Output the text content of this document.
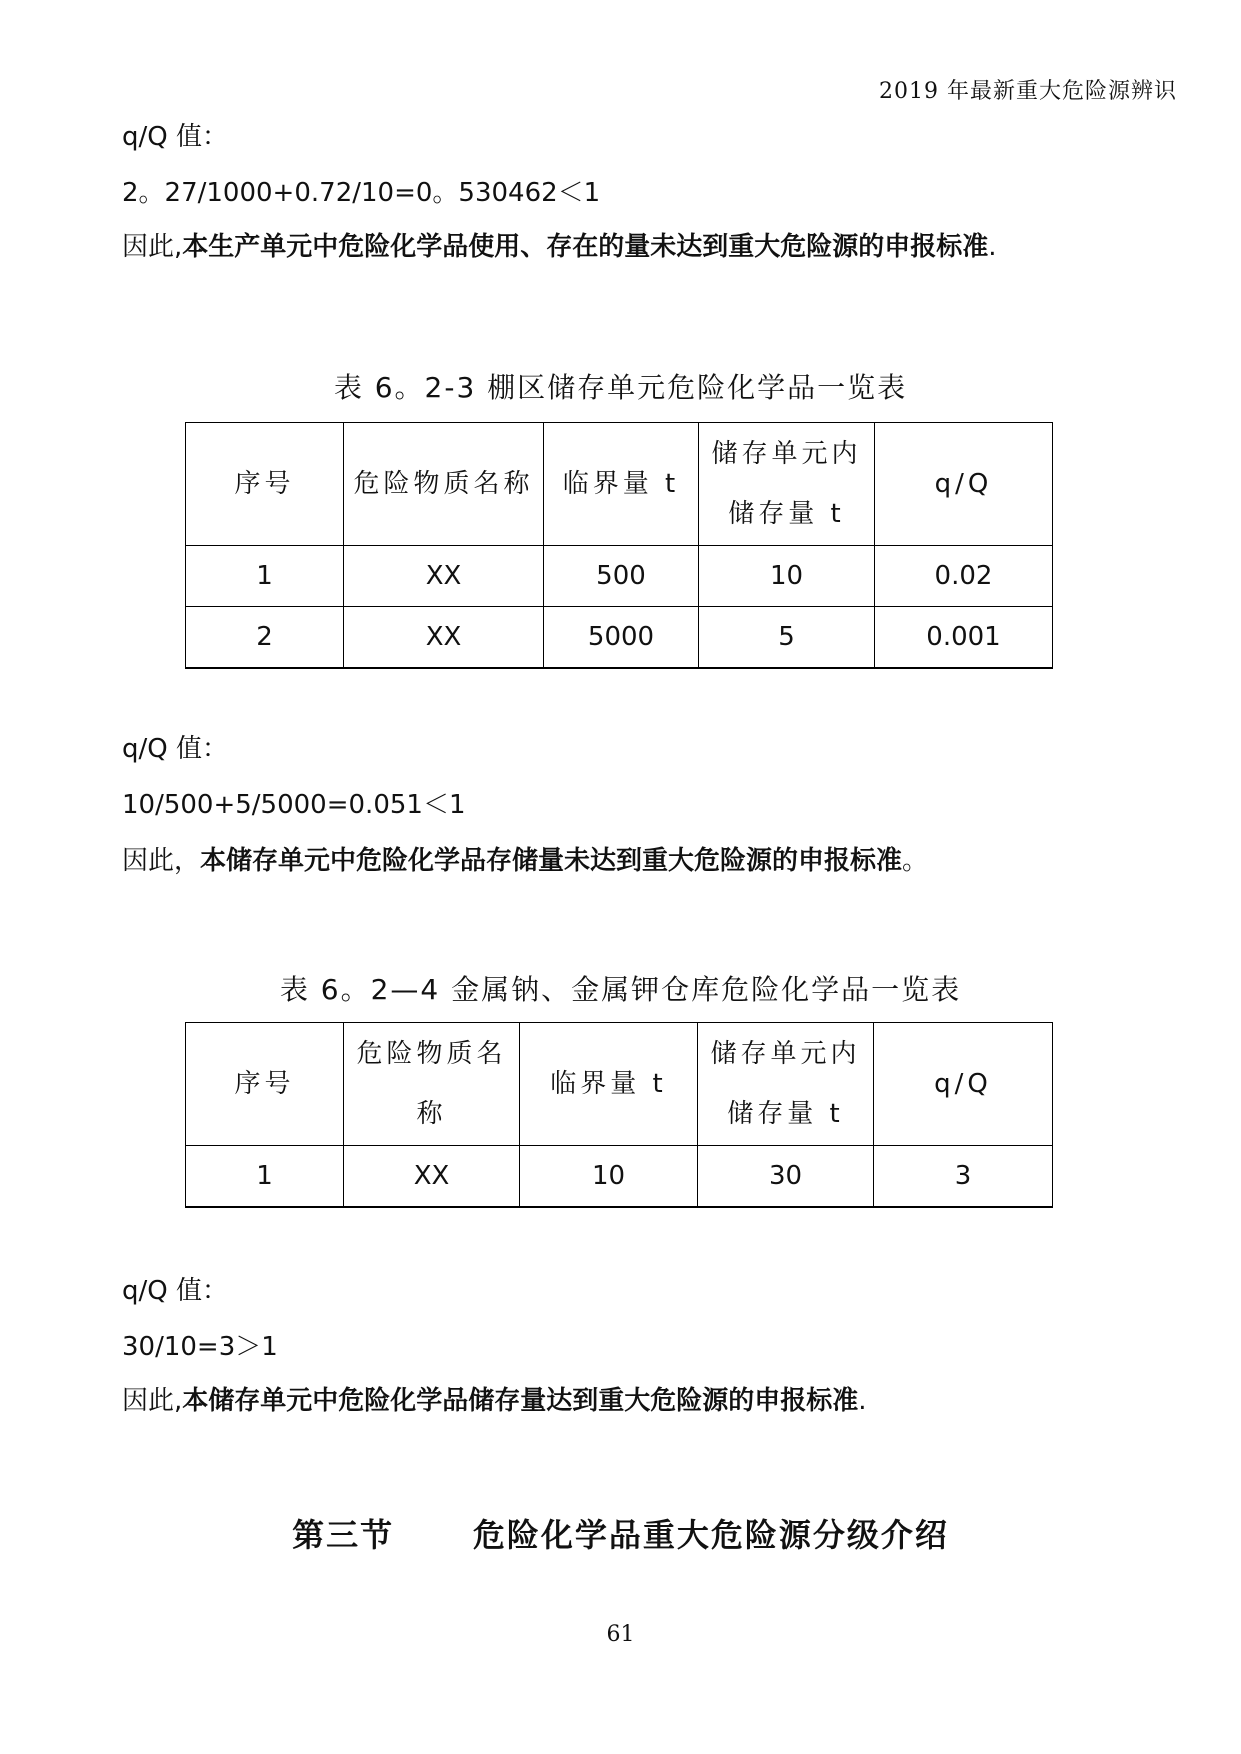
2019 年最新重大危险源辨识
q/Q 值：
2。27/1000+0.72/10=0。530462＜1
因此,本生产单元中危险化学品使用、存在的量未达到重大危险源的申报标准.
表 6。2-3 棚区储存单元危险化学品一览表
序号	危险物质名称	临界量 t	储存单元内储存量 t	q/Q
1	XX	500	10	0.02
2	XX	5000	5	0.001
q/Q 值：
10/500+5/5000=0.051＜1
因此，本储存单元中危险化学品存储量未达到重大危险源的申报标准。
表 6。2—4 金属钠、金属钾仓库危险化学品一览表
序号	危险物质名称	临界量 t	储存单元内储存量 t	q/Q
1	XX	10	30	3
q/Q 值：
30/10=3＞1
因此,本储存单元中危险化学品储存量达到重大危险源的申报标准.
第三节      危险化学品重大危险源分级介绍
61
